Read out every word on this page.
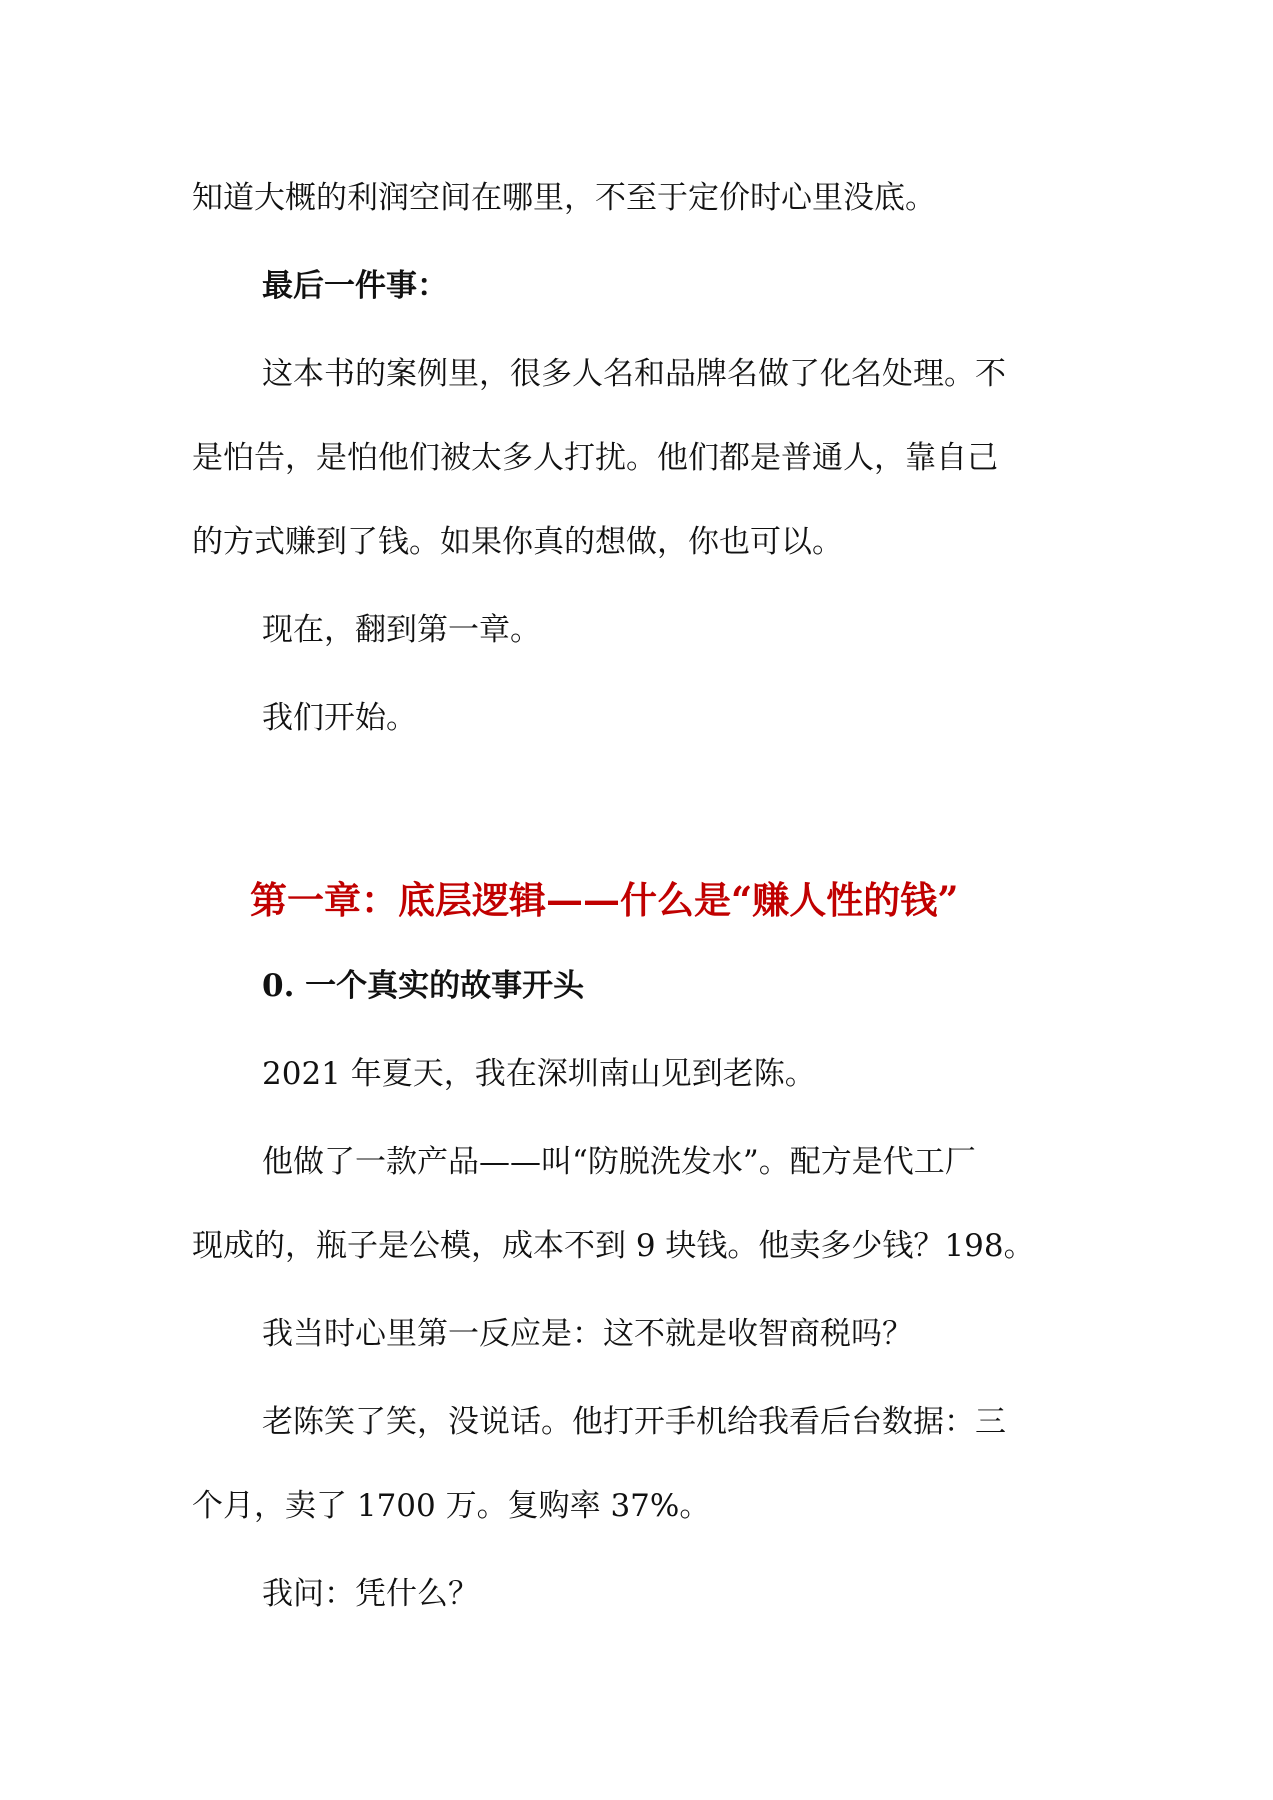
知道大概的利润空间在哪里，不至于定价时心里没底。

最后一件事：

这本书的案例里，很多人名和品牌名做了化名处理。不

是怕告，是怕他们被太多人打扰。他们都是普通人，靠自己

的方式赚到了钱。如果你真的想做，你也可以。

现在，翻到第一章。

我们开始。

第一章：底层逻辑——什么是“赚人性的钱”
0. 一个真实的故事开头

2021 年夏天，我在深圳南山见到老陈。

他做了一款产品——叫“防脱洗发水”。配方是代工厂

现成的，瓶子是公模，成本不到 9 块钱。他卖多少钱？198。

我当时心里第一反应是：这不就是收智商税吗？

老陈笑了笑，没说话。他打开手机给我看后台数据：三

个月，卖了 1700 万。复购率 37%。

我问：凭什么？
